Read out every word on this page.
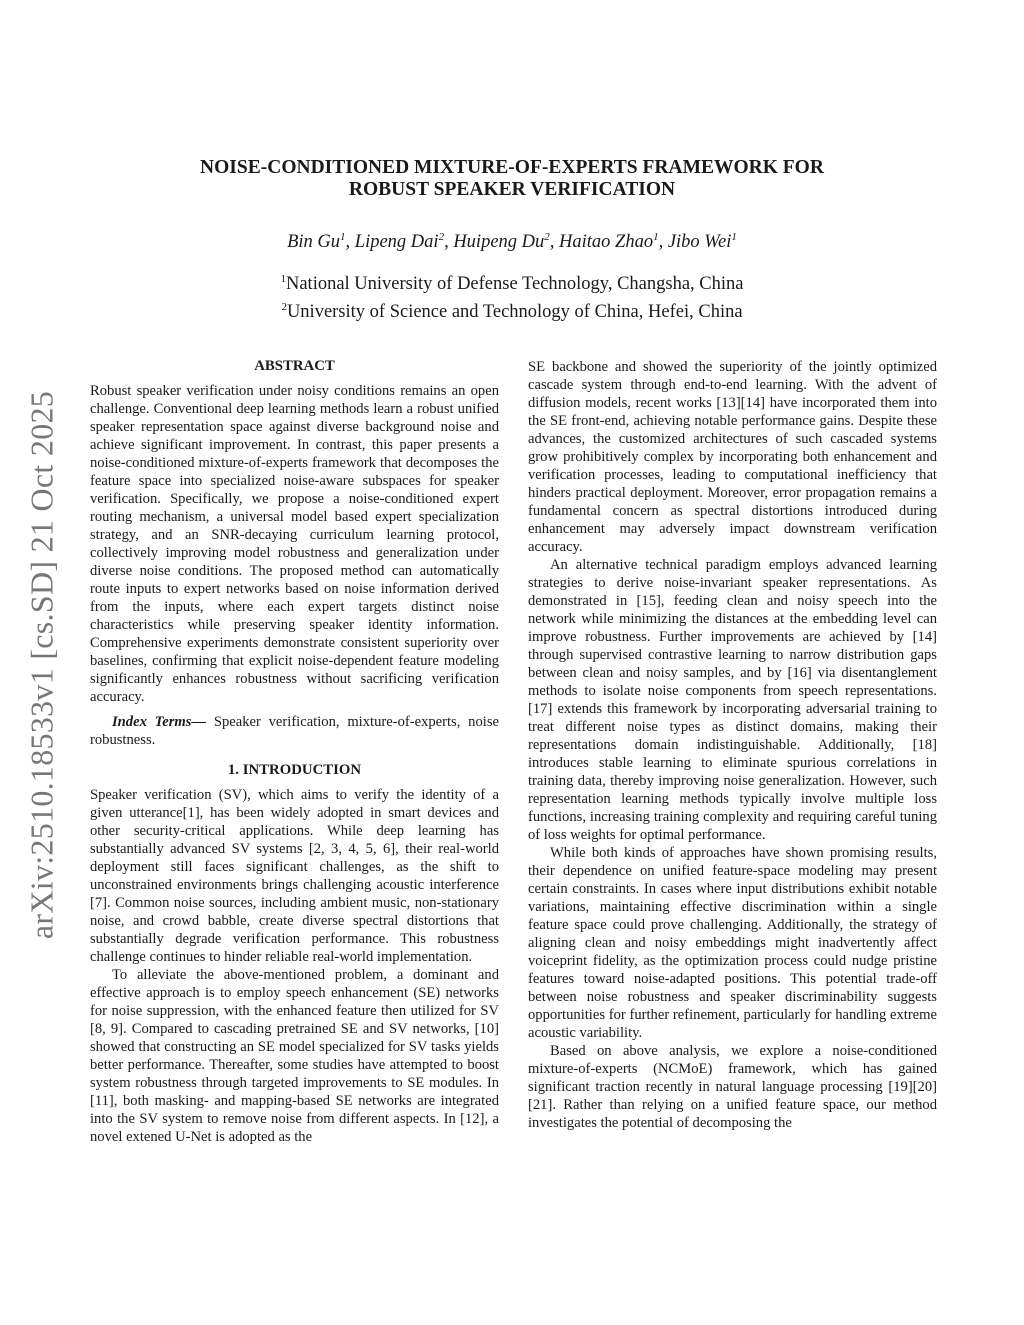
NOISE-CONDITIONED MIXTURE-OF-EXPERTS FRAMEWORK FOR
ROBUST SPEAKER VERIFICATION
Bin Gu$^1$, Lipeng Dai$^2$, Huipeng Du$^2$, Haitao Zhao$^1$, Jibo Wei$^1$
$^1$National University of Defense Technology, Changsha, China
$^2$University of Science and Technology of China, Hefei, China
arXiv:2510.18533v1 [cs.SD] 21 Oct 2025
ABSTRACT

Robust speaker verification under noisy conditions remains an open challenge. Conventional deep learning methods learn a robust unified speaker representation space against diverse background noise and achieve significant improvement. In contrast, this paper presents a noise-conditioned mixture-of-experts framework that decomposes the feature space into specialized noise-aware subspaces for speaker verification. Specifically, we propose a noise-conditioned expert routing mechanism, a universal model based expert specialization strategy, and an SNR-decaying curriculum learning protocol, collectively improving model robustness and generalization under diverse noise conditions. The proposed method can automatically route inputs to expert networks based on noise information derived from the inputs, where each expert targets distinct noise characteristics while preserving speaker identity information. Comprehensive experiments demonstrate consistent superiority over baselines, confirming that explicit noise-dependent feature modeling significantly enhances robustness without sacrificing verification accuracy.

Index Terms— Speaker verification, mixture-of-experts, noise robustness.

1. INTRODUCTION

Speaker verification (SV), which aims to verify the identity of a given utterance[1], has been widely adopted in smart devices and other security-critical applications. While deep learning has substantially advanced SV systems [2, 3, 4, 5, 6], their real-world deployment still faces significant challenges, as the shift to unconstrained environments brings challenging acoustic interference [7]. Common noise sources, including ambient music, non-stationary noise, and crowd babble, create diverse spectral distortions that substantially degrade verification performance. This robustness challenge continues to hinder reliable real-world implementation.

To alleviate the above-mentioned problem, a dominant and effective approach is to employ speech enhancement (SE) networks for noise suppression, with the enhanced feature then utilized for SV [8, 9]. Compared to cascading pretrained SE and SV networks, [10] showed that constructing an SE model specialized for SV tasks yields better performance. Thereafter, some studies have attempted to boost system robustness through targeted improvements to SE modules. In [11], both masking- and mapping-based SE networks are integrated into the SV system to remove noise from different aspects. In [12], a novel extened U-Net is adopted as the

SE backbone and showed the superiority of the jointly optimized cascade system through end-to-end learning. With the advent of diffusion models, recent works [13][14] have incorporated them into the SE front-end, achieving notable performance gains. Despite these advances, the customized architectures of such cascaded systems grow prohibitively complex by incorporating both enhancement and verification processes, leading to computational inefficiency that hinders practical deployment. Moreover, error propagation remains a fundamental concern as spectral distortions introduced during enhancement may adversely impact downstream verification accuracy.

An alternative technical paradigm employs advanced learning strategies to derive noise-invariant speaker representations. As demonstrated in [15], feeding clean and noisy speech into the network while minimizing the distances at the embedding level can improve robustness. Further improvements are achieved by [14] through supervised contrastive learning to narrow distribution gaps between clean and noisy samples, and by [16] via disentanglement methods to isolate noise components from speech representations. [17] extends this framework by incorporating adversarial training to treat different noise types as distinct domains, making their representations domain indistinguishable. Additionally, [18] introduces stable learning to eliminate spurious correlations in training data, thereby improving noise generalization. However, such representation learning methods typically involve multiple loss functions, increasing training complexity and requiring careful tuning of loss weights for optimal performance.

While both kinds of approaches have shown promising results, their dependence on unified feature-space modeling may present certain constraints. In cases where input distributions exhibit notable variations, maintaining effective discrimination within a single feature space could prove challenging. Additionally, the strategy of aligning clean and noisy embeddings might inadvertently affect voiceprint fidelity, as the optimization process could nudge pristine features toward noise-adapted positions. This potential trade-off between noise robustness and speaker discriminability suggests opportunities for further refinement, particularly for handling extreme acoustic variability.

Based on above analysis, we explore a noise-conditioned mixture-of-experts (NCMoE) framework, which has gained significant traction recently in natural language processing [19][20][21]. Rather than relying on a unified feature space, our method investigates the potential of decomposing the
